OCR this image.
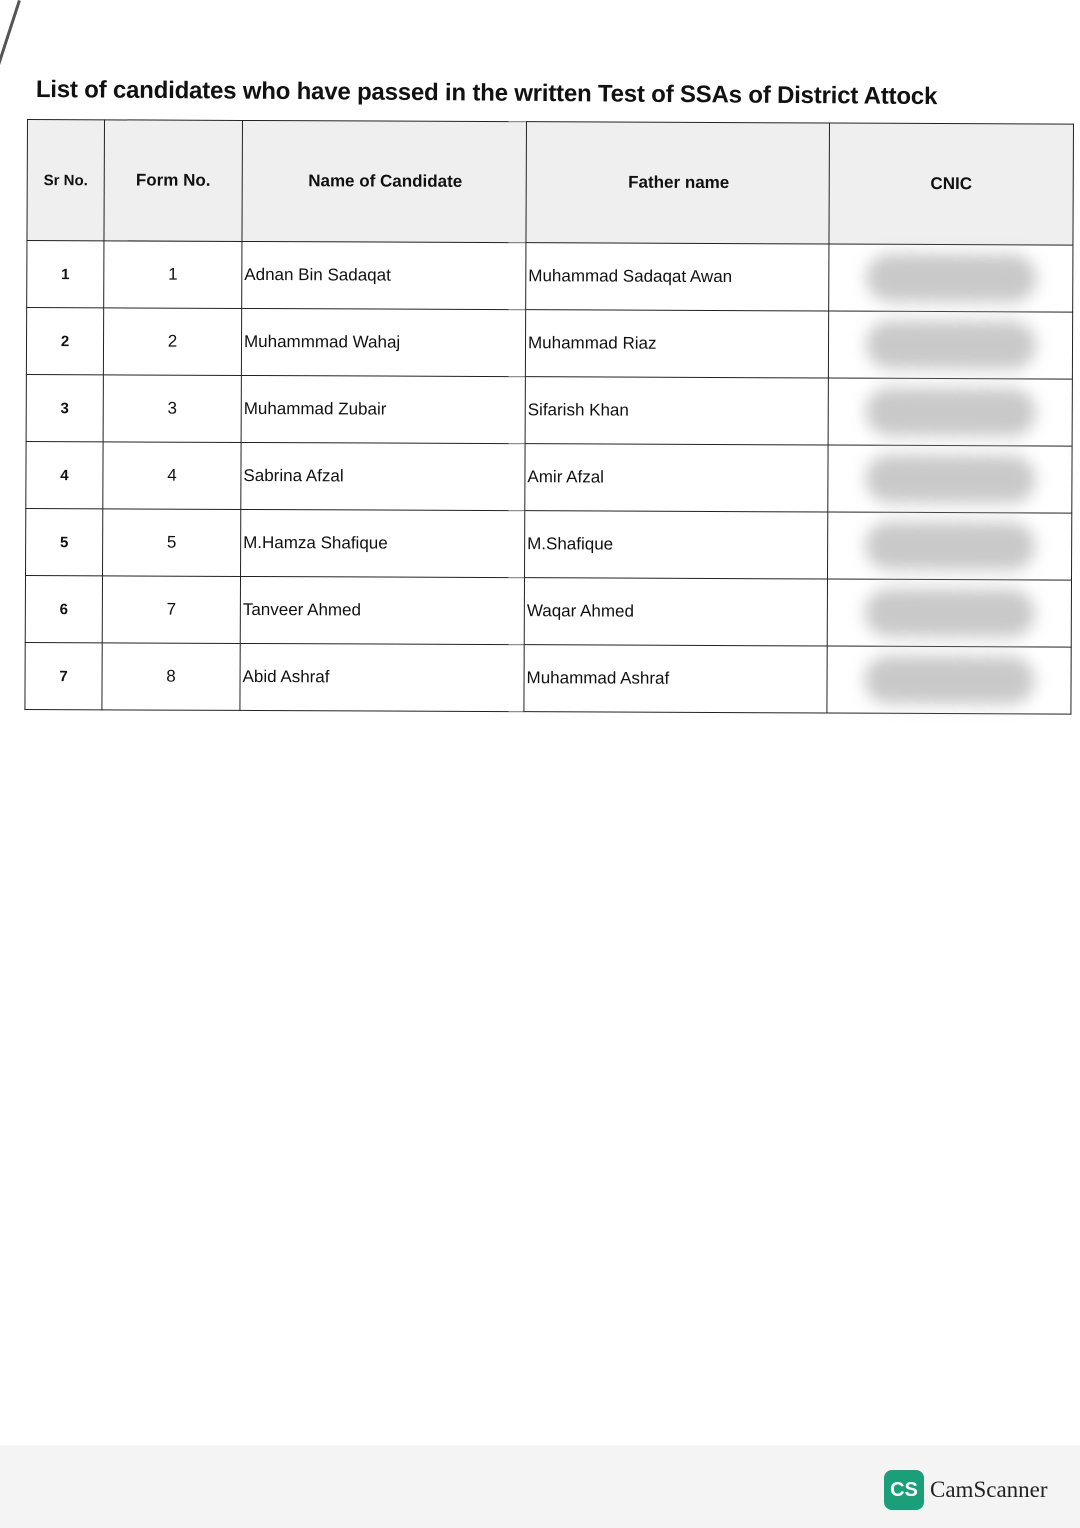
List of candidates who have passed in the written Test of SSAs of District Attock
Sr No.	Form No.	Name of Candidate	Father name	CNIC
1	1	Adnan Bin Sadaqat	Muhammad Sadaqat Awan	

2	2	Muhammmad Wahaj	Muhammad Riaz	

3	3	Muhammad Zubair	Sifarish Khan	

4	4	Sabrina Afzal	Amir Afzal	

5	5	M.Hamza Shafique	M.Shafique	

6	7	Tanveer Ahmed	Waqar Ahmed	

7	8	Abid Ashraf	Muhammad Ashraf	
CS CamScanner
